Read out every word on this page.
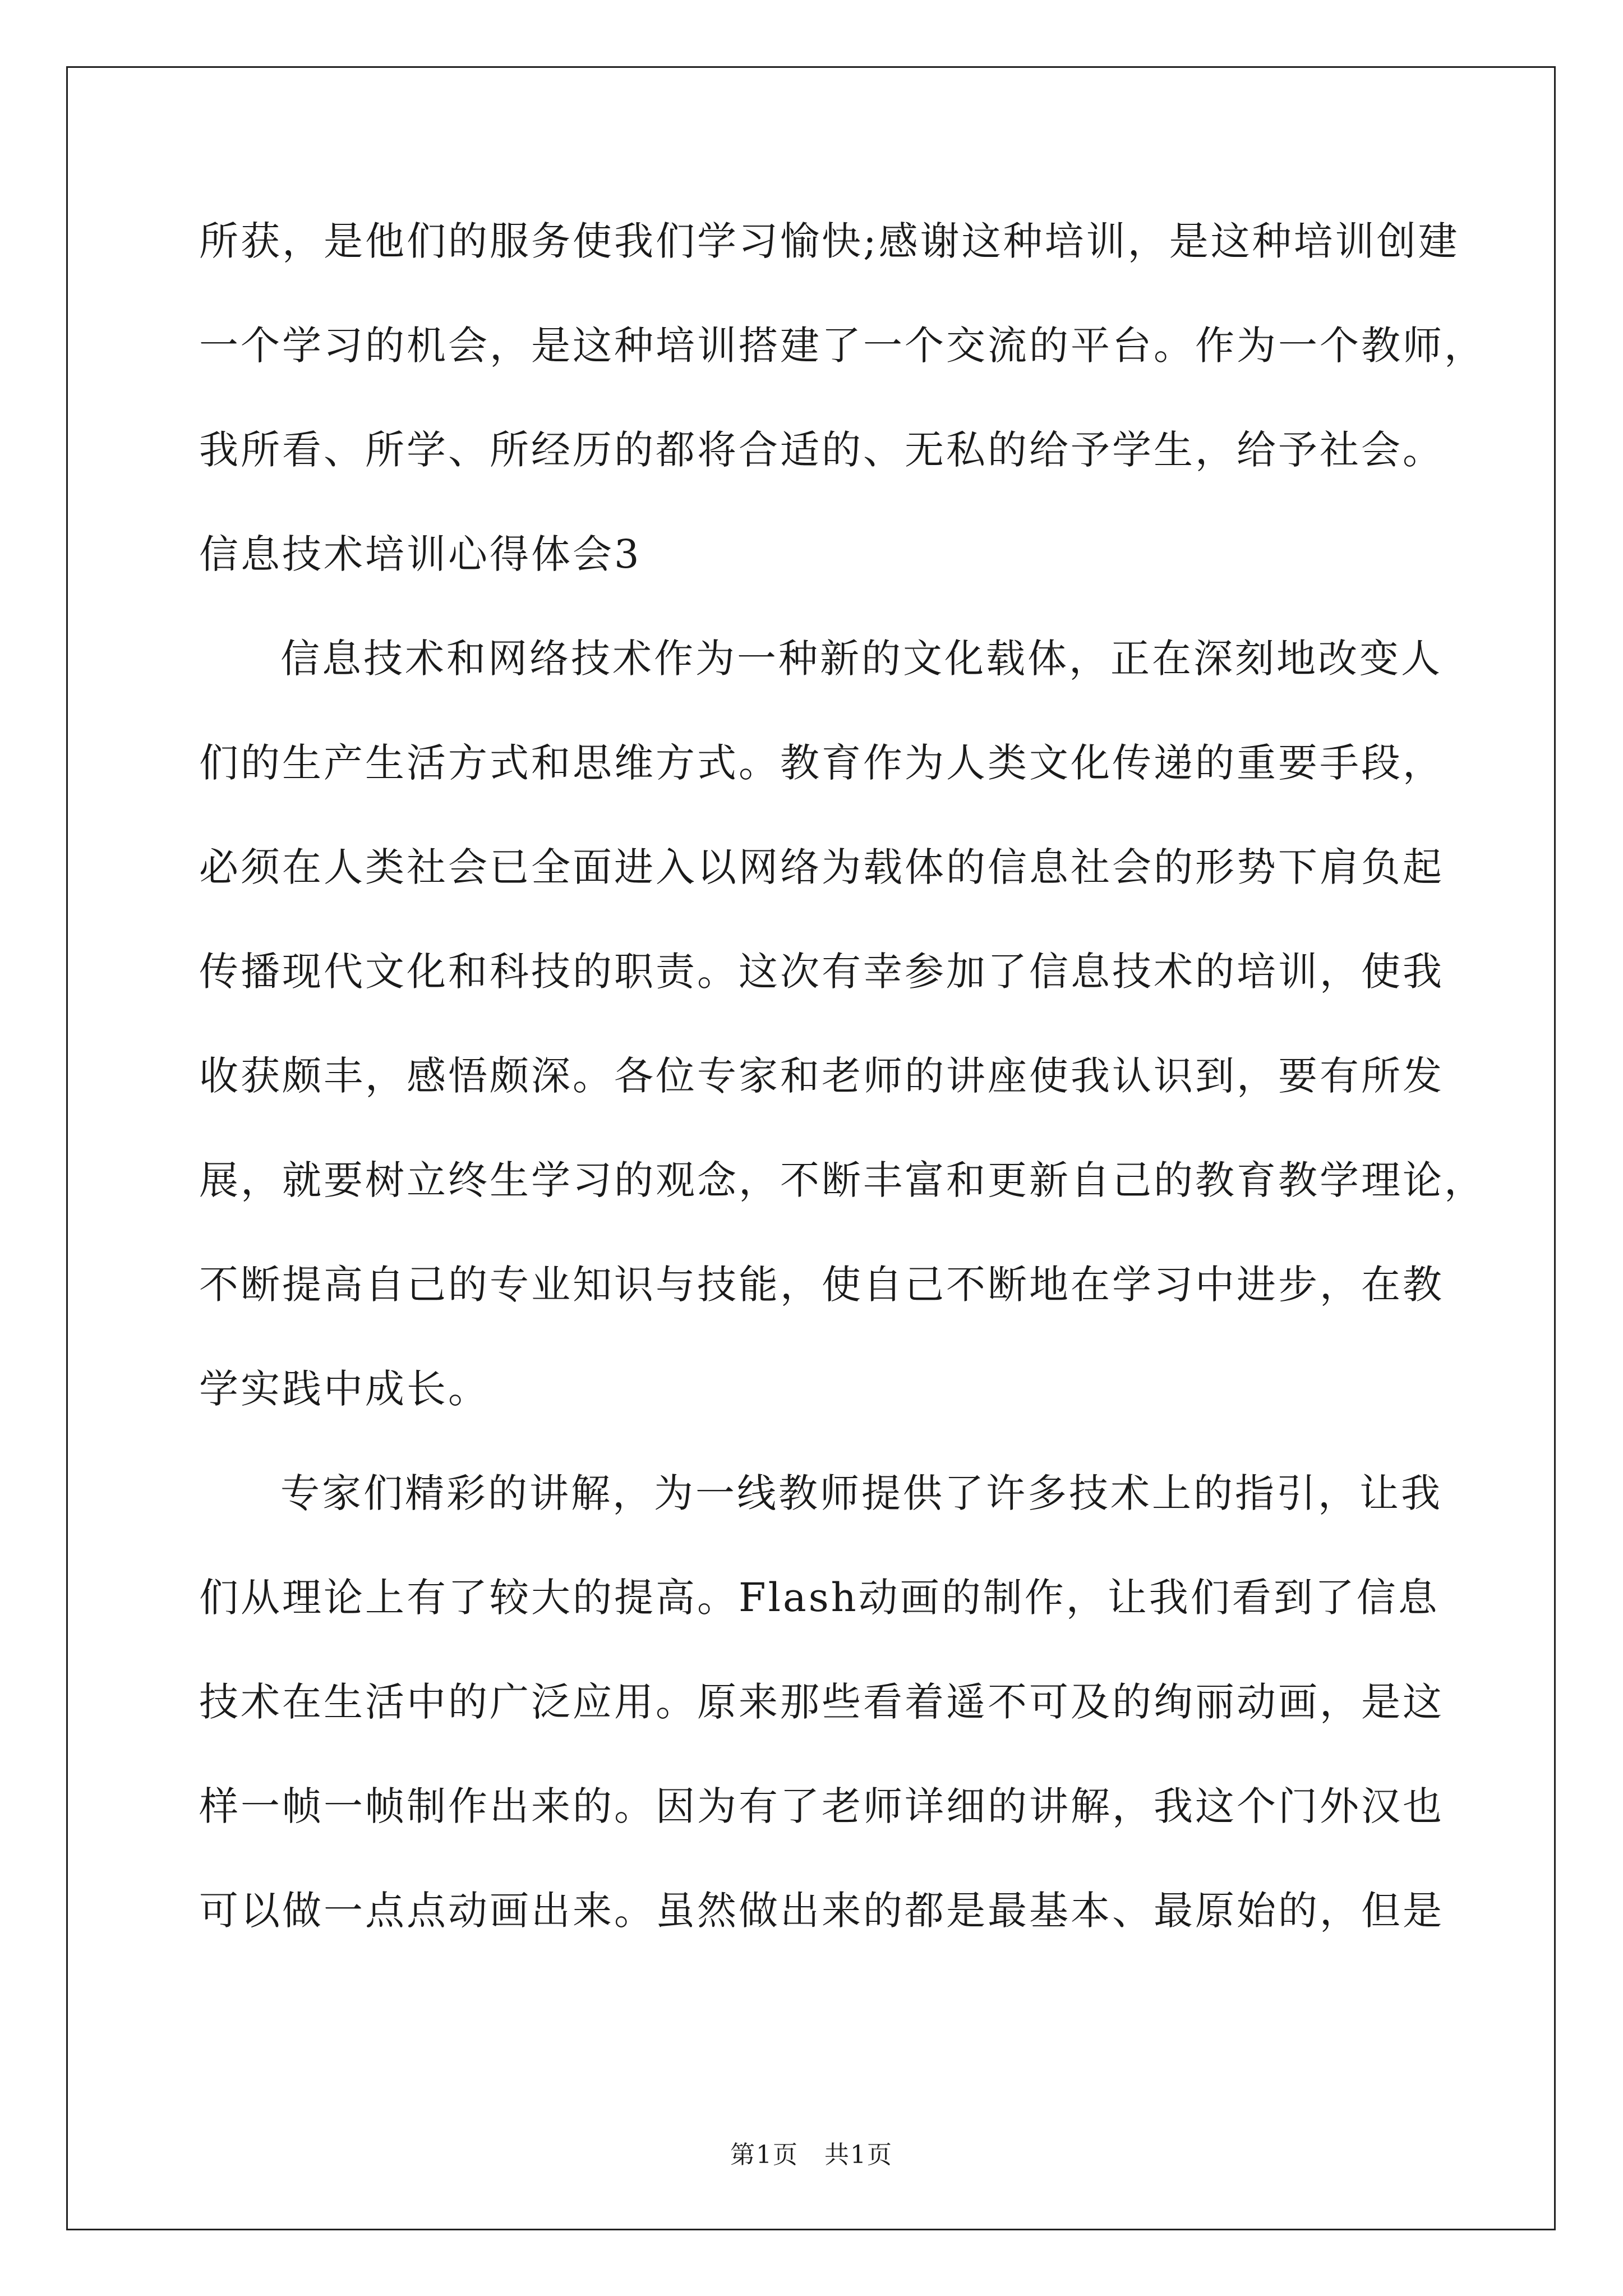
所获，是他们的服务使我们学习愉快;感谢这种培训，是这种培训创建
一个学习的机会，是这种培训搭建了一个交流的平台。作为一个教师，
我所看、所学、所经历的都将合适的、无私的给予学生，给予社会。
信息技术培训心得体会3
信息技术和网络技术作为一种新的文化载体，正在深刻地改变人
们的生产生活方式和思维方式。教育作为人类文化传递的重要手段，
必须在人类社会已全面进入以网络为载体的信息社会的形势下肩负起
传播现代文化和科技的职责。这次有幸参加了信息技术的培训，使我
收获颇丰，感悟颇深。各位专家和老师的讲座使我认识到，要有所发
展，就要树立终生学习的观念，不断丰富和更新自己的教育教学理论，
不断提高自己的专业知识与技能，使自己不断地在学习中进步，在教
学实践中成长。
专家们精彩的讲解，为一线教师提供了许多技术上的指引，让我
们从理论上有了较大的提高。Flash动画的制作，让我们看到了信息
技术在生活中的广泛应用。原来那些看着遥不可及的绚丽动画，是这
样一帧一帧制作出来的。因为有了老师详细的讲解，我这个门外汉也
可以做一点点动画出来。虽然做出来的都是最基本、最原始的，但是
第1页　共1页
